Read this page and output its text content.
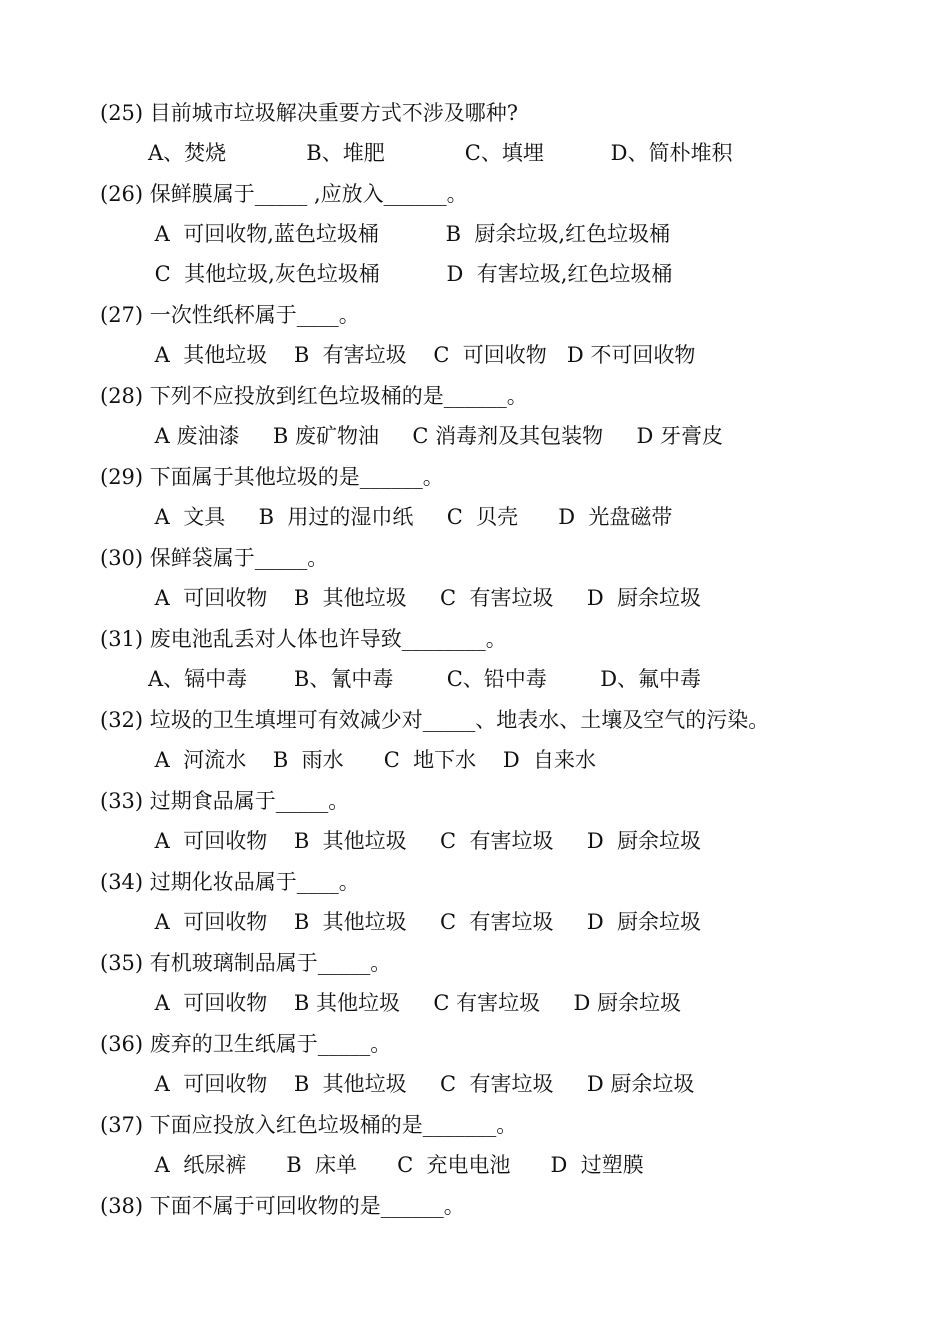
(25) 目前城市垃圾解决重要方式不涉及哪种?
A、焚烧            B、堆肥            C、填埋          D、简朴堆积
(26) 保鲜膜属于_____ ,应放入______。
A  可回收物,蓝色垃圾桶          B  厨余垃圾,红色垃圾桶
C  其他垃圾,灰色垃圾桶          D  有害垃圾,红色垃圾桶
(27) 一次性纸杯属于____。
A  其他垃圾    B  有害垃圾    C  可回收物   D 不可回收物
(28) 下列不应投放到红色垃圾桶的是______。
A 废油漆     B 废矿物油     C 消毒剂及其包装物     D 牙膏皮
(29) 下面属于其他垃圾的是______。
A  文具     B  用过的湿巾纸     C  贝壳      D  光盘磁带
(30) 保鲜袋属于_____。
A  可回收物    B  其他垃圾     C  有害垃圾     D  厨余垃圾
(31) 废电池乱丢对人体也许导致________。
A、镉中毒       B、氰中毒        C、铅中毒        D、氟中毒
(32) 垃圾的卫生填埋可有效减少对_____、地表水、土壤及空气的污染。
A  河流水    B  雨水      C  地下水    D  自来水
(33) 过期食品属于_____。
A  可回收物    B  其他垃圾     C  有害垃圾     D  厨余垃圾
(34) 过期化妆品属于____。
A  可回收物    B  其他垃圾     C  有害垃圾     D  厨余垃圾
(35) 有机玻璃制品属于_____。
A  可回收物    B 其他垃圾     C 有害垃圾     D 厨余垃圾
(36) 废弃的卫生纸属于_____。
A  可回收物    B  其他垃圾     C  有害垃圾     D 厨余垃圾
(37) 下面应投放入红色垃圾桶的是_______。
A  纸尿裤      B  床单      C  充电电池      D  过塑膜
(38) 下面不属于可回收物的是______。
